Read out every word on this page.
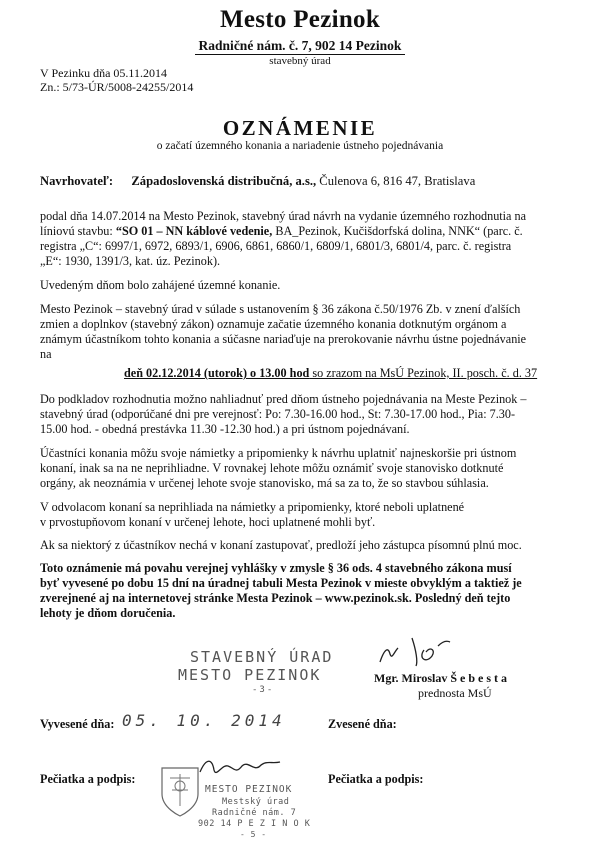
Mesto Pezinok
Radničné nám. č. 7, 902 14 Pezinok
stavebný úrad
V Pezinku dňa 05.11.2014
Zn.: 5/73-ÚR/5008-24255/2014
OZNÁMENIE
o začatí územného konania a nariadenie ústneho pojednávania
Navrhovateľ: Západoslovenská distribučná, a.s., Čulenova 6, 816 47, Bratislava
podal dňa 14.07.2014 na Mesto Pezinok, stavebný úrad návrh na vydanie územného rozhodnutia na
líniovú stavbu: “SO 01 – NN káblové vedenie, BA_Pezinok, Kučišdorfská dolina, NNK“ (parc. č.
registra „C“: 6997/1, 6972, 6893/1, 6906, 6861, 6860/1, 6809/1, 6801/3, 6801/4, parc. č. registra
„E“: 1930, 1391/3, kat. úz. Pezinok).
Uvedeným dňom bolo zahájené územné konanie.
Mesto Pezinok – stavebný úrad v súlade s ustanovením § 36 zákona č.50/1976 Zb. v znení ďalších
zmien a doplnkov (stavebný zákon) oznamuje začatie územného konania dotknutým orgánom a
známym účastníkom tohto konania a súčasne nariaďuje na prerokovanie návrhu ústne pojednávanie
na
deň 02.12.2014 (utorok) o 13.00 hod so zrazom na MsÚ Pezinok, II. posch. č. d. 37
Do podkladov rozhodnutia možno nahliadnuť pred dňom ústneho pojednávania na Meste Pezinok –
stavebný úrad (odporúčané dni pre verejnosť: Po: 7.30-16.00 hod., St: 7.30-17.00 hod., Pia: 7.30-
15.00 hod. - obedná prestávka 11.30 -12.30 hod.) a pri ústnom pojednávaní.
Účastníci konania môžu svoje námietky a pripomienky k návrhu uplatniť najneskoršie pri ústnom
konaní, inak sa na ne neprihliadne. V rovnakej lehote môžu oznámiť svoje stanovisko dotknuté
orgány, ak neoznámia v určenej lehote svoje stanovisko, má sa za to, že so stavbou súhlasia.
V odvolacom konaní sa neprihliada na námietky a pripomienky, ktoré neboli uplatnené
v prvostupňovom konaní v určenej lehote, hoci uplatnené mohli byť.
Ak sa niektorý z účastníkov nechá v konaní zastupovať, predloží jeho zástupca písomnú plnú moc.
Toto oznámenie má povahu verejnej vyhlášky v zmysle § 36 ods. 4 stavebného zákona musí
byť vyvesené po dobu 15 dní na úradnej tabuli Mesta Pezinok v mieste obvyklým a taktiež je
zverejnené aj na internetovej stránke Mesta Pezinok – www.pezinok.sk. Posledný deň tejto
lehoty je dňom doručenia.
STAVEBNÝ ÚRAD
MESTO PEZINOK
-3-
Mgr. Miroslav Š e b e s t a
prednosta MsÚ
Vyvesené dňa: 05. 10. 2014	Zvesené dňa:
Pečiatka a podpis:	Pečiatka a podpis:
MESTO PEZINOK
Mestský úrad
Radničné nám. 7
902 14 P E Z I N O K
- 5 -
